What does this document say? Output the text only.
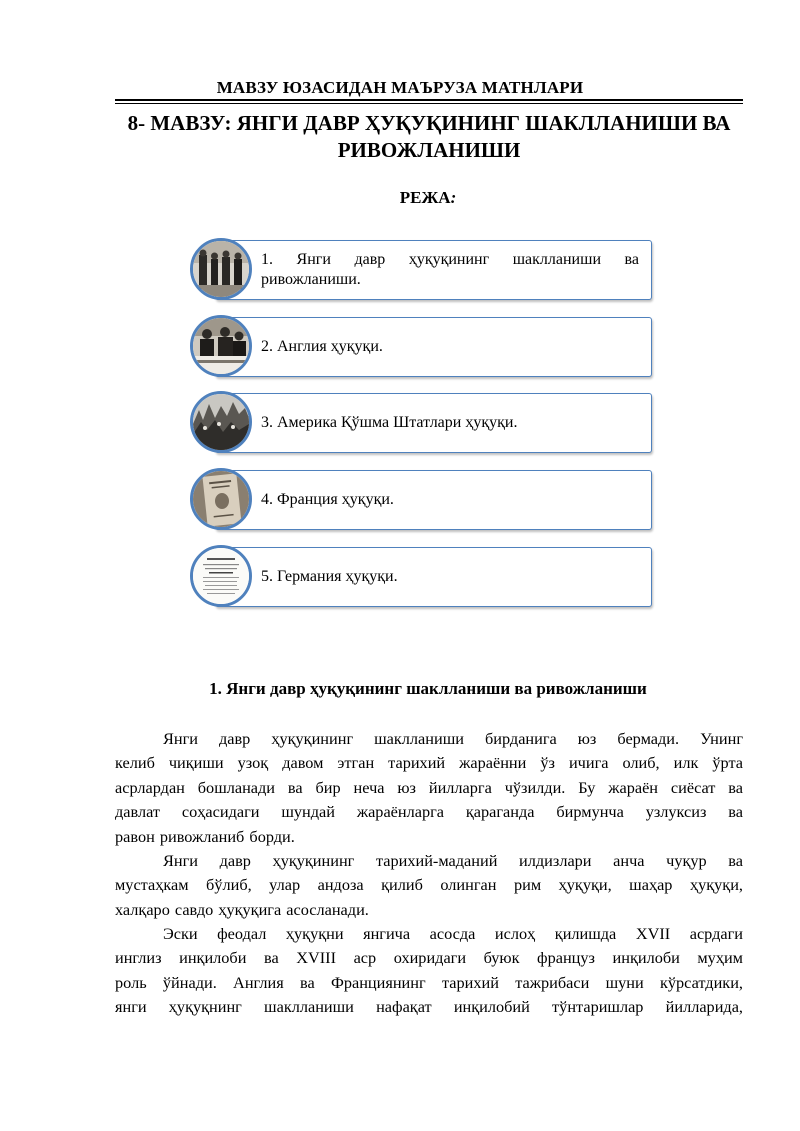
МАВЗУ ЮЗАСИДАН МАЪРУЗА МАТНЛАРИ
8- МАВЗУ: ЯНГИ ДАВР ҲУҚУҚИНИНГ ШАКЛЛАНИШИ ВА
РИВОЖЛАНИШИ
РЕЖА:
1. Янги давр ҳуқуқининг шаклланиши ва ривожланиши.
2. Англия ҳуқуқи.
3. Америка Қўшма Штатлари ҳуқуқи.
4. Франция ҳуқуқи.
5. Германия ҳуқуқи.
1. Янги давр ҳуқуқининг шаклланиши ва ривожланиши
Янги давр ҳуқуқининг шаклланиши бирданига юз бермади. Унинг
келиб чиқиши узоқ давом этган тарихий жараённи ўз ичига олиб, илк ўрта
асрлардан бошланади ва бир неча юз йилларга чўзилди. Бу жараён сиёсат ва
давлат соҳасидаги шундай жараёнларга қараганда бирмунча узлуксиз ва
равон ривожланиб борди.
Янги давр ҳуқуқининг тарихий-маданий илдизлари анча чуқур ва
мустаҳкам бўлиб, улар андоза қилиб олинган рим ҳуқуқи, шаҳар ҳуқуқи,
халқаро савдо ҳуқуқига асосланади.
Эски феодал ҳуқуқни янгича асосда ислоҳ қилишда XVII асрдаги
инглиз инқилоби ва XVIII аср охиридаги буюк француз инқилоби муҳим
роль ўйнади. Англия ва Франциянинг тарихий тажрибаси шуни кўрсатдики,
янги ҳуқуқнинг шаклланиши нафақат инқилобий тўнтаришлар йилларида,
